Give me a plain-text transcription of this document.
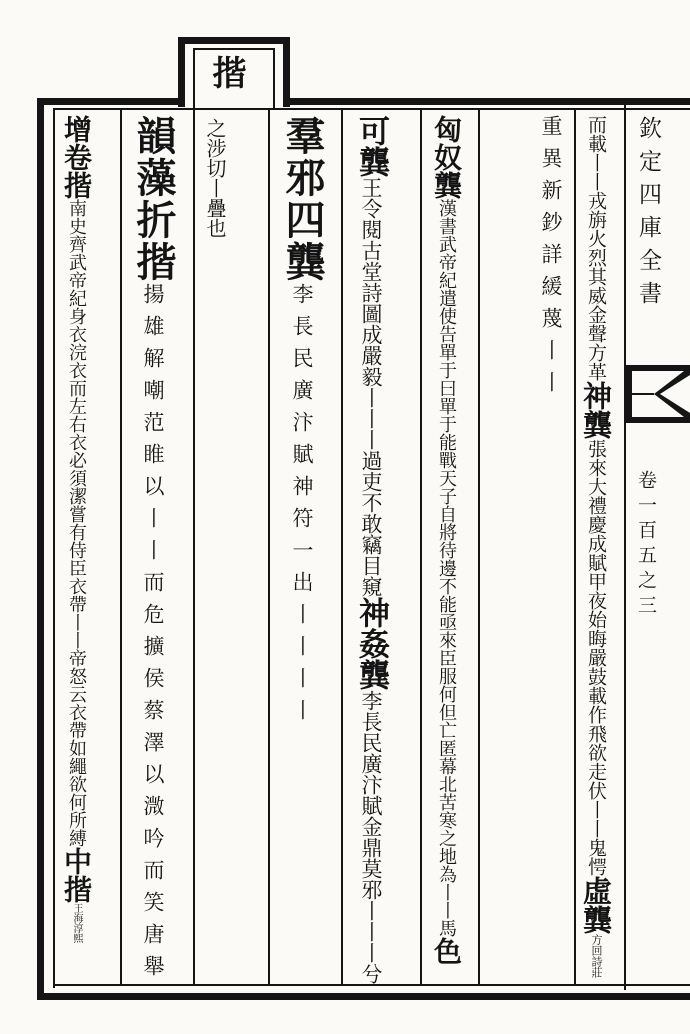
揩
欽定四庫全書
卷一百五之三
而載丨丨戎旃火烈其威金聲方革神龔張來大禮慶成賦甲夜始晦嚴鼓載作飛欲走伏丨丨鬼愕虛龔方回詩莊
重異新鈔詳緩蔑丨丨
匈奴龔漢書武帝紀遣使告單于曰單于能戰天子自將待邊不能亟來臣服何但亡匿幕北苦寒之地為丨丨馬色
可龔王令閱古堂詩圖成嚴毅丨丨丨過吏不敢竊目窺神姦龔李長民廣汴賦金鼎莫邪丨丨丨兮
羣邪四龔李長民廣汴賦神符一出丨丨丨丨
之涉切丨疊也
韻藻折揩揚雄解嘲范睢以丨丨而危擴侯蔡澤以溦吟而笑唐舉
增卷揩南史齊武帝紀身衣浣衣而左右衣必須潔嘗有侍臣衣帶丨丨帝怒云衣帶如繩欲何所縛中揩王海淳熙
